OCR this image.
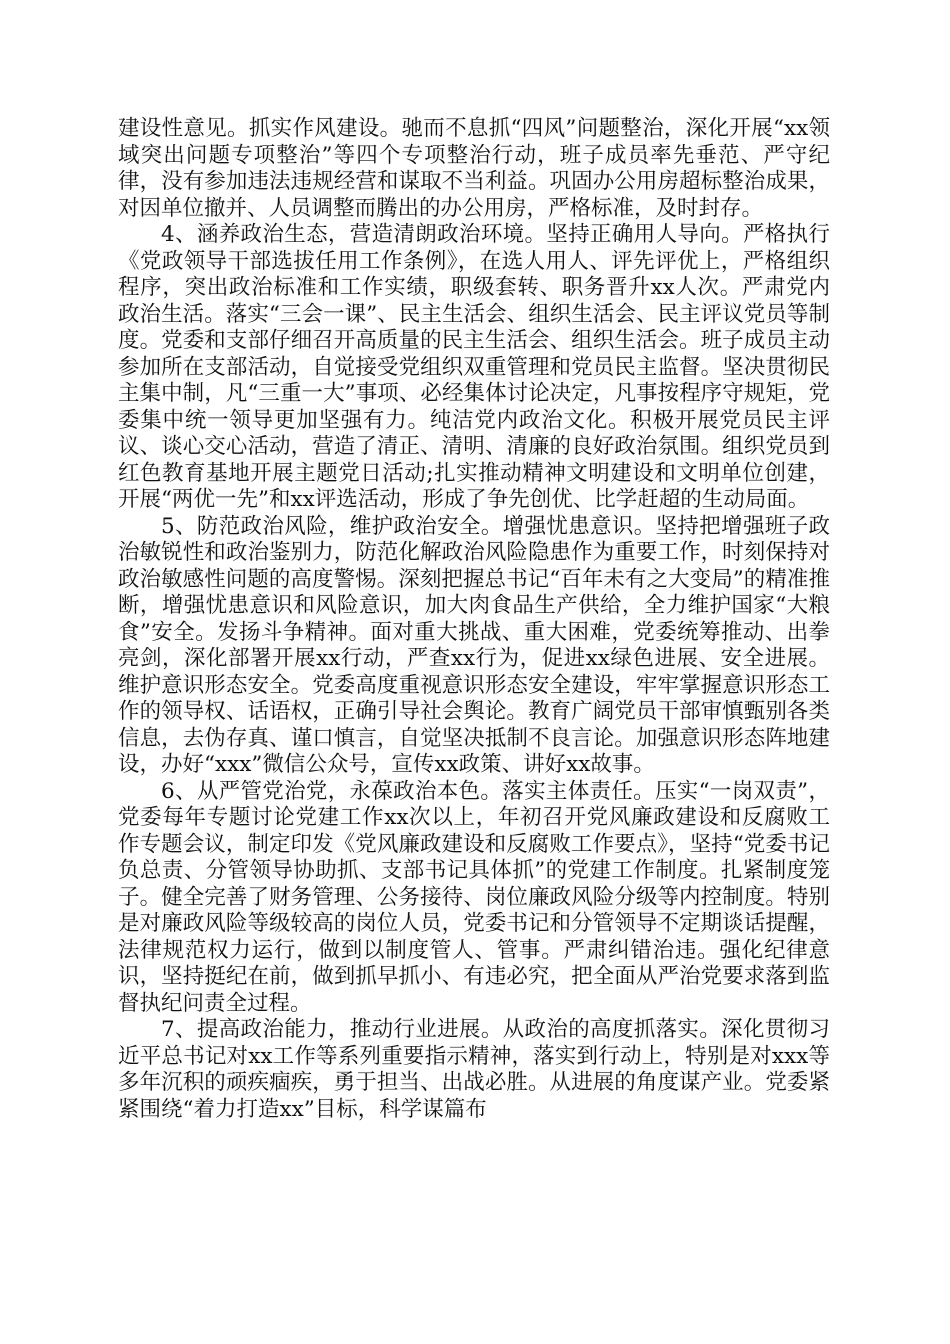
建设性意见。抓实作风建设。驰而不息抓“四风”问题整治，深化开展“xx领域突出问题专项整治”等四个专项整治行动，班子成员率先垂范、严守纪律，没有参加违法违规经营和谋取不当利益。巩固办公用房超标整治成果，对因单位撤并、人员调整而腾出的办公用房，严格标准，及时封存。

4、涵养政治生态，营造清朗政治环境。坚持正确用人导向。严格执行《党政领导干部选拔任用工作条例》，在选人用人、评先评优上，严格组织程序，突出政治标准和工作实绩，职级套转、职务晋升xx人次。严肃党内政治生活。落实“三会一课”、民主生活会、组织生活会、民主评议党员等制度。党委和支部仔细召开高质量的民主生活会、组织生活会。班子成员主动参加所在支部活动，自觉接受党组织双重管理和党员民主监督。坚决贯彻民主集中制，凡“三重一大”事项、必经集体讨论决定，凡事按程序守规矩，党委集中统一领导更加坚强有力。纯洁党内政治文化。积极开展党员民主评议、谈心交心活动，营造了清正、清明、清廉的良好政治氛围。组织党员到红色教育基地开展主题党日活动;扎实推动精神文明建设和文明单位创建，开展“两优一先”和xx评选活动，形成了争先创优、比学赶超的生动局面。

5、防范政治风险，维护政治安全。增强忧患意识。坚持把增强班子政治敏锐性和政治鉴别力，防范化解政治风险隐患作为重要工作，时刻保持对政治敏感性问题的高度警惕。深刻把握总书记“百年未有之大变局”的精准推断，增强忧患意识和风险意识，加大肉食品生产供给，全力维护国家“大粮食”安全。发扬斗争精神。面对重大挑战、重大困难，党委统筹推动、出拳亮剑，深化部署开展xx行动，严查xx行为，促进xx绿色进展、安全进展。维护意识形态安全。党委高度重视意识形态安全建设，牢牢掌握意识形态工作的领导权、话语权，正确引导社会舆论。教育广阔党员干部审慎甄别各类信息，去伪存真、谨口慎言，自觉坚决抵制不良言论。加强意识形态阵地建设，办好“xxx”微信公众号，宣传xx政策、讲好xx故事。

6、从严管党治党，永葆政治本色。落实主体责任。压实“一岗双责”，党委每年专题讨论党建工作xx次以上，年初召开党风廉政建设和反腐败工作专题会议，制定印发《党风廉政建设和反腐败工作要点》，坚持“党委书记负总责、分管领导协助抓、支部书记具体抓”的党建工作制度。扎紧制度笼子。健全完善了财务管理、公务接待、岗位廉政风险分级等内控制度。特别是对廉政风险等级较高的岗位人员，党委书记和分管领导不定期谈话提醒，法律规范权力运行，做到以制度管人、管事。严肃纠错治违。强化纪律意识，坚持挺纪在前，做到抓早抓小、有违必究，把全面从严治党要求落到监督执纪问责全过程。

7、提高政治能力，推动行业进展。从政治的高度抓落实。深化贯彻习近平总书记对xx工作等系列重要指示精神，落实到行动上，特别是对xxx等多年沉积的顽疾痼疾，勇于担当、出战必胜。从进展的角度谋产业。党委紧紧围绕“着力打造xx”目标，科学谋篇布
